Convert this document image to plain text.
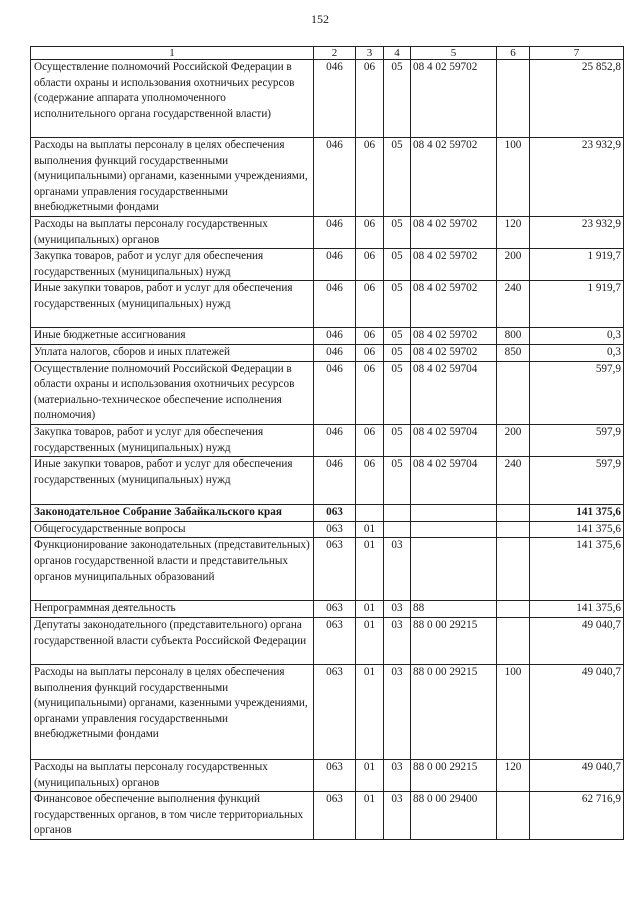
152
1	2	3	4	5	6	7
Осуществление полномочий Российской Федерации в области охраны и использования охотничьих ресурсов (содержание аппарата уполномоченного исполнительного органа государственной власти)	046	06	05	08 4 02 59702		25 852,8
Расходы на выплаты персоналу в целях обеспечения выполнения функций государственными (муниципальными) органами, казенными учреждениями, органами управления государственными внебюджетными фондами	046	06	05	08 4 02 59702	100	23 932,9
Расходы на выплаты персоналу государственных (муниципальных) органов	046	06	05	08 4 02 59702	120	23 932,9
Закупка товаров, работ и услуг для обеспечения государственных (муниципальных) нужд	046	06	05	08 4 02 59702	200	1 919,7
Иные закупки товаров, работ и услуг для обеспечения государственных (муниципальных) нужд	046	06	05	08 4 02 59702	240	1 919,7
Иные бюджетные ассигнования	046	06	05	08 4 02 59702	800	0,3
Уплата налогов, сборов и иных платежей	046	06	05	08 4 02 59702	850	0,3
Осуществление полномочий Российской Федерации в области охраны и использования охотничьих ресурсов (материально-техническое обеспечение исполнения полномочия)	046	06	05	08 4 02 59704		597,9
Закупка товаров, работ и услуг для обеспечения государственных (муниципальных) нужд	046	06	05	08 4 02 59704	200	597,9
Иные закупки товаров, работ и услуг для обеспечения государственных (муниципальных) нужд	046	06	05	08 4 02 59704	240	597,9
Законодательное Собрание Забайкальского края	063					141 375,6
Общегосударственные вопросы	063	01				141 375,6
Функционирование законодательных (представительных) органов государственной власти и представительных органов муниципальных образований	063	01	03			141 375,6
Непрограммная деятельность	063	01	03	88		141 375,6
Депутаты законодательного (представительного) органа государственной власти субъекта Российской Федерации	063	01	03	88 0 00 29215		49 040,7
Расходы на выплаты персоналу в целях обеспечения выполнения функций государственными (муниципальными) органами, казенными учреждениями, органами управления государственными внебюджетными фондами	063	01	03	88 0 00 29215	100	49 040,7
Расходы на выплаты персоналу государственных (муниципальных) органов	063	01	03	88 0 00 29215	120	49 040,7
Финансовое обеспечение выполнения функций государственных органов, в том числе территориальных органов	063	01	03	88 0 00 29400		62 716,9
